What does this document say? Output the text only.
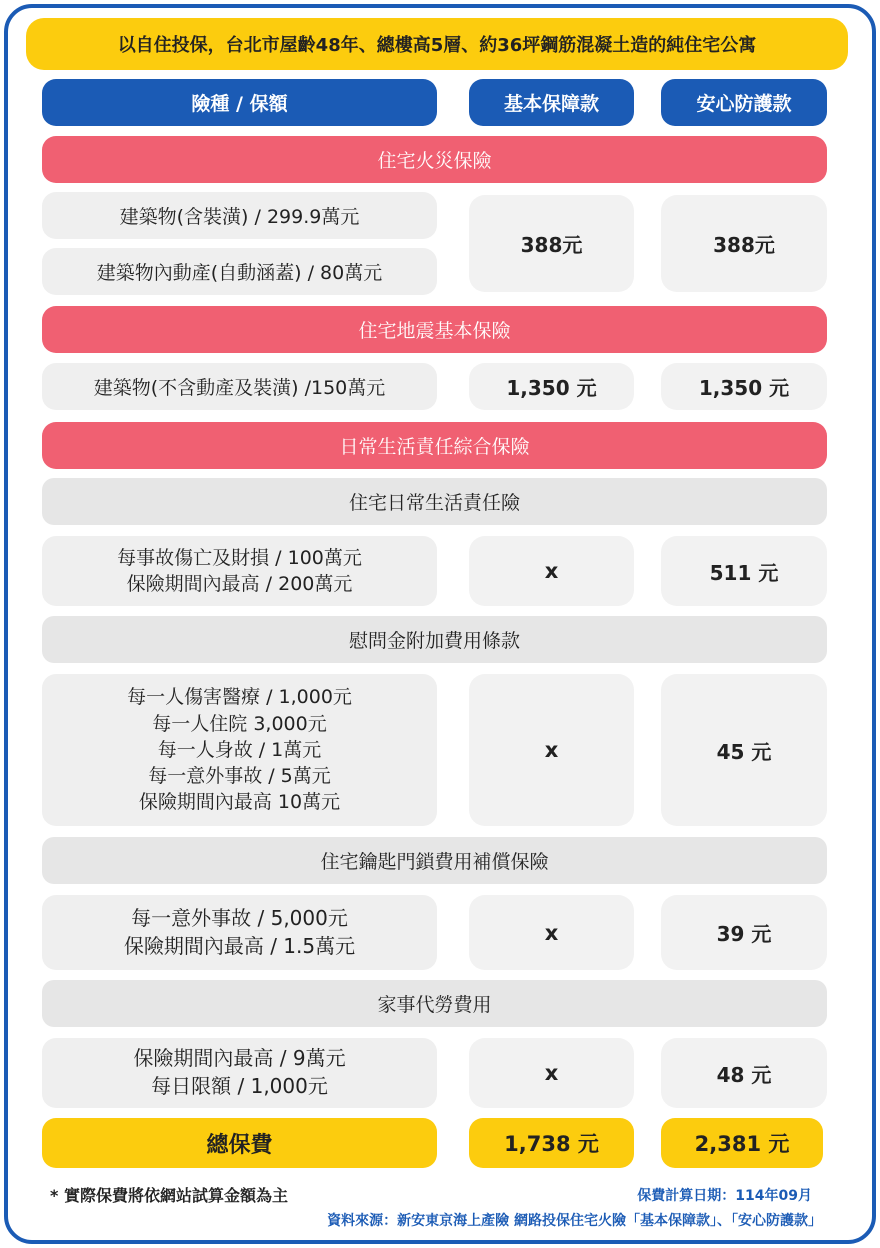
以自住投保，台北市屋齡48年、總樓高5層、約36坪鋼筋混凝土造的純住宅公寓
險種 / 保額	基本保障款	安心防護款
住宅火災保險
建築物(含裝潢) / 299.9萬元
建築物內動產(自動涵蓋) / 80萬元
388元	388元
住宅地震基本保險
建築物(不含動產及裝潢) /150萬元	1,350 元	1,350 元
日常生活責任綜合保險
住宅日常生活責任險
每事故傷亡及財損 / 100萬元
保險期間內最高 / 200萬元
x	511 元
慰問金附加費用條款
每一人傷害醫療 / 1,000元
每一人住院 3,000元
每一人身故 / 1萬元
每一意外事故 / 5萬元
保險期間內最高 10萬元
x	45 元
住宅鑰匙門鎖費用補償保險
每一意外事故 / 5,000元
保險期間內最高 / 1.5萬元
x	39 元
家事代勞費用
保險期間內最高 / 9萬元
每日限額 / 1,000元
x	48 元
總保費	1,738 元	2,381 元
* 實際保費將依網站試算金額為主	保費計算日期：114年09月
資料來源：新安東京海上產險 網路投保住宅火險「基本保障款」、「安心防護款」
